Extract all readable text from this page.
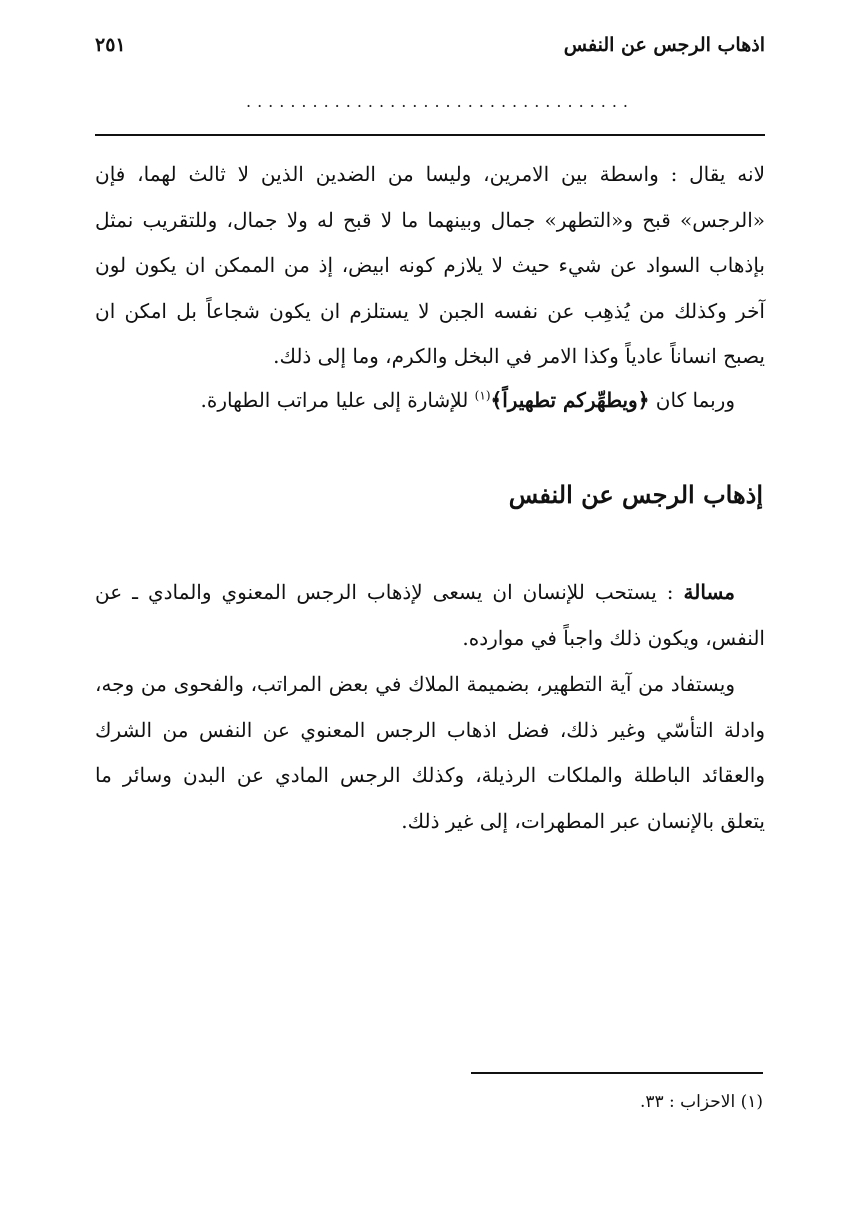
اذهاب الرجس عن النفس
٢٥١
...................................

لانه يقال : واسطة بين الامرين، وليسا من الضدين الذين لا ثالث لهما، فإن «الرجس» قبح و«التطهر» جمال وبينهما ما لا قبح له ولا جمال، وللتقريب نمثل بإذهاب السواد عن شيء حيث لا يلازم كونه ابيض، إذ من الممكن ان يكون لون آخر وكذلك من يُذهِب عن نفسه الجبن لا يستلزم ان يكون شجاعاً بل امكن ان يصبح انساناً عادياً وكذا الامر في البخل والكرم، وما إلى ذلك.

وربما كان ﴿ويطهِّركم تطهيراً﴾$^{(١)}$ للإشارة إلى عليا مراتب الطهارة.

إذهاب الرجس عن النفس

مسالة : يستحب للإنسان ان يسعى لإذهاب الرجس المعنوي والمادي ـ عن النفس، ويكون ذلك واجباً في موارده.

ويستفاد من آية التطهير، بضميمة الملاك في بعض المراتب، والفحوى من وجه، وادلة التأسّي وغير ذلك، فضل اذهاب الرجس المعنوي عن النفس من الشرك والعقائد الباطلة والملكات الرذيلة، وكذلك الرجس المادي عن البدن وسائر ما يتعلق بالإنسان عبر المطهرات، إلى غير ذلك.

(١) الاحزاب : ٣٣.
